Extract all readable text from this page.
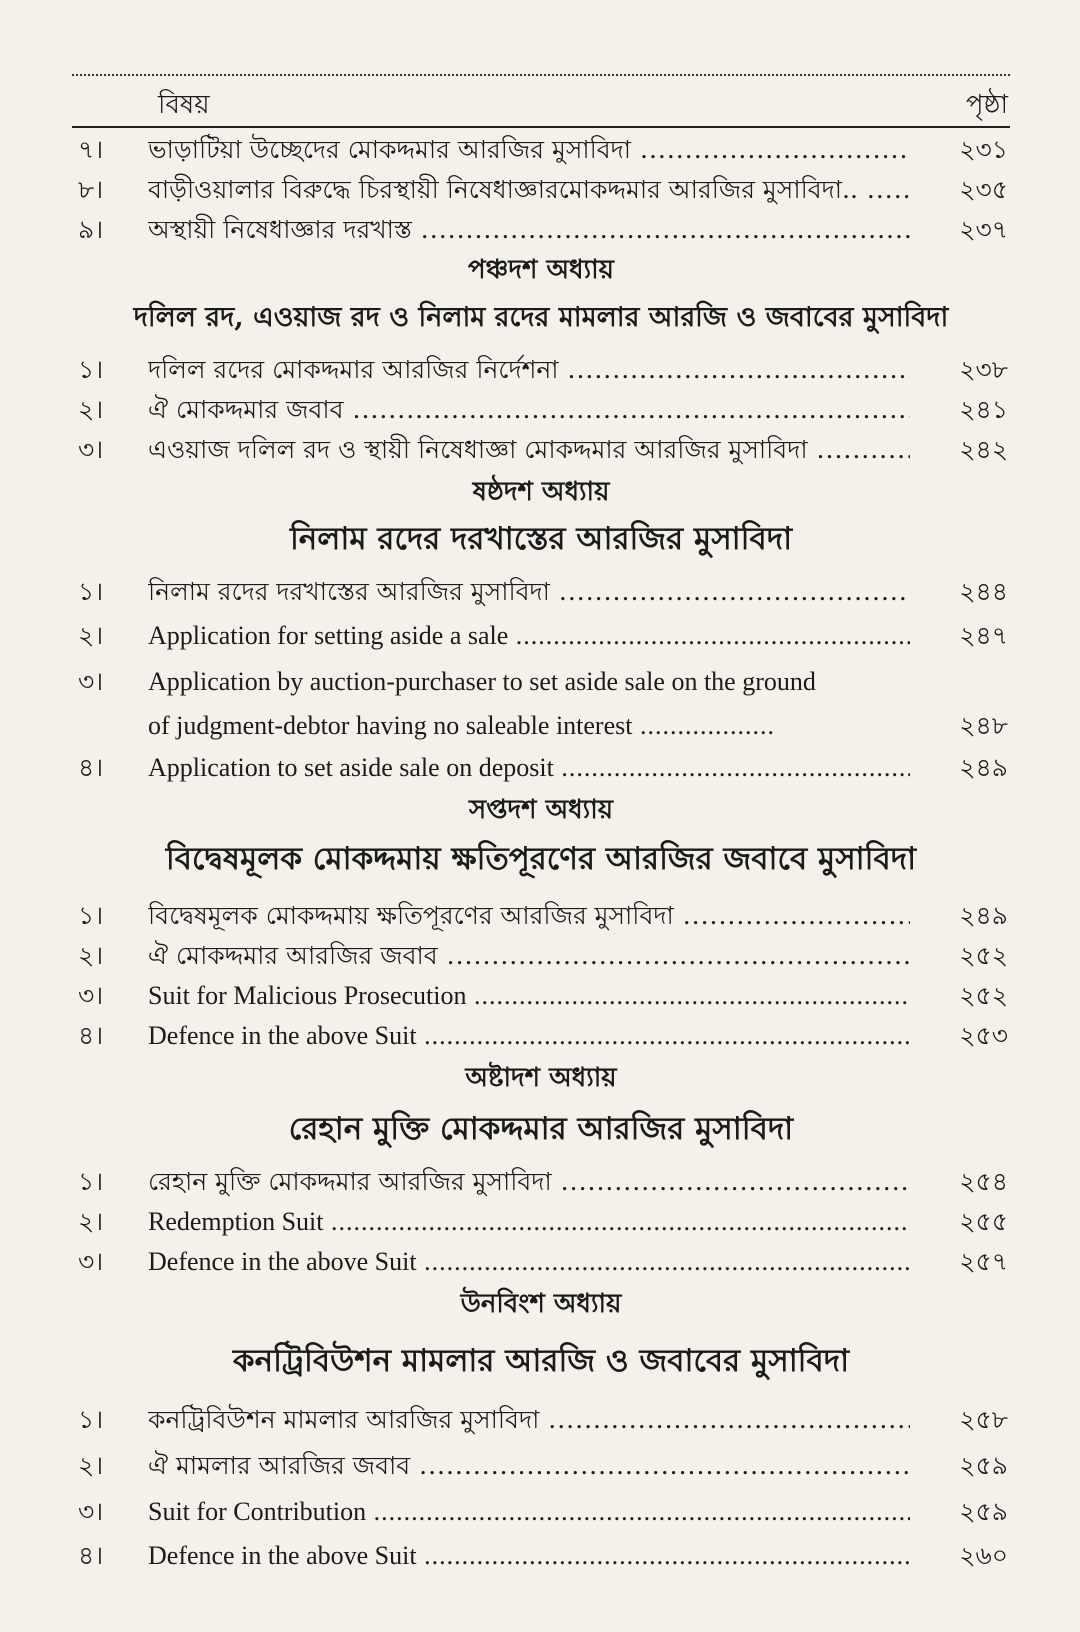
বিষয়	পৃষ্ঠা
৭।	ভাড়াটিয়া উচ্ছেদের মোকদ্দমার আরজির মুসাবিদা .....	২৩১
৮।	বাড়ীওয়ালার বিরুদ্ধে চিরস্থায়ী নিষেধাজ্ঞারমোকদ্দমার আরজির মুসাবিদা.. .....	২৩৫
৯।	অস্থায়ী নিষেধাজ্ঞার দরখাস্ত .....	২৩৭
পঞ্চদশ অধ্যায়
দলিল রদ, এওয়াজ রদ ও নিলাম রদের মামলার আরজি ও জবাবের মুসাবিদা
১।	দলিল রদের মোকদ্দমার আরজির নির্দেশনা .....	২৩৮
২।	ঐ মোকদ্দমার জবাব .....	২৪১
৩।	এওয়াজ দলিল রদ ও স্থায়ী নিষেধাজ্ঞা মোকদ্দমার আরজির মুসাবিদা .....	২৪২
ষষ্ঠদশ অধ্যায়
নিলাম রদের দরখাস্তের আরজির মুসাবিদা
১।	নিলাম রদের দরখাস্তের আরজির মুসাবিদা .....	২৪৪
২।	Application for setting aside a sale .....	২৪৭
৩।	Application by auction-purchaser to set aside sale on the ground
of judgment-debtor having no saleable interest .....	২৪৮
৪।	Application to set aside sale on deposit .....	২৪৯
সপ্তদশ অধ্যায়
বিদ্বেষমূলক মোকদ্দমায় ক্ষতিপূরণের আরজির জবাবে মুসাবিদা
১।	বিদ্বেষমূলক মোকদ্দমায় ক্ষতিপূরণের আরজির মুসাবিদা .....	২৪৯
২।	ঐ মোকদ্দমার আরজির জবাব .....	২৫২
৩।	Suit for Malicious Prosecution .....	২৫২
৪।	Defence in the above Suit .....	২৫৩
অষ্টাদশ অধ্যায়
রেহান মুক্তি মোকদ্দমার আরজির মুসাবিদা
১।	রেহান মুক্তি মোকদ্দমার আরজির মুসাবিদা .....	২৫৪
২।	Redemption Suit .....	২৫৫
৩।	Defence in the above Suit .....	২৫৭
উনবিংশ অধ্যায়
কনট্রিবিউশন মামলার আরজি ও জবাবের মুসাবিদা
১।	কনট্রিবিউশন মামলার আরজির মুসাবিদা .....	২৫৮
২।	ঐ মামলার আরজির জবাব .....	২৫৯
৩।	Suit for Contribution .....	২৫৯
৪।	Defence in the above Suit .....	২৬০
